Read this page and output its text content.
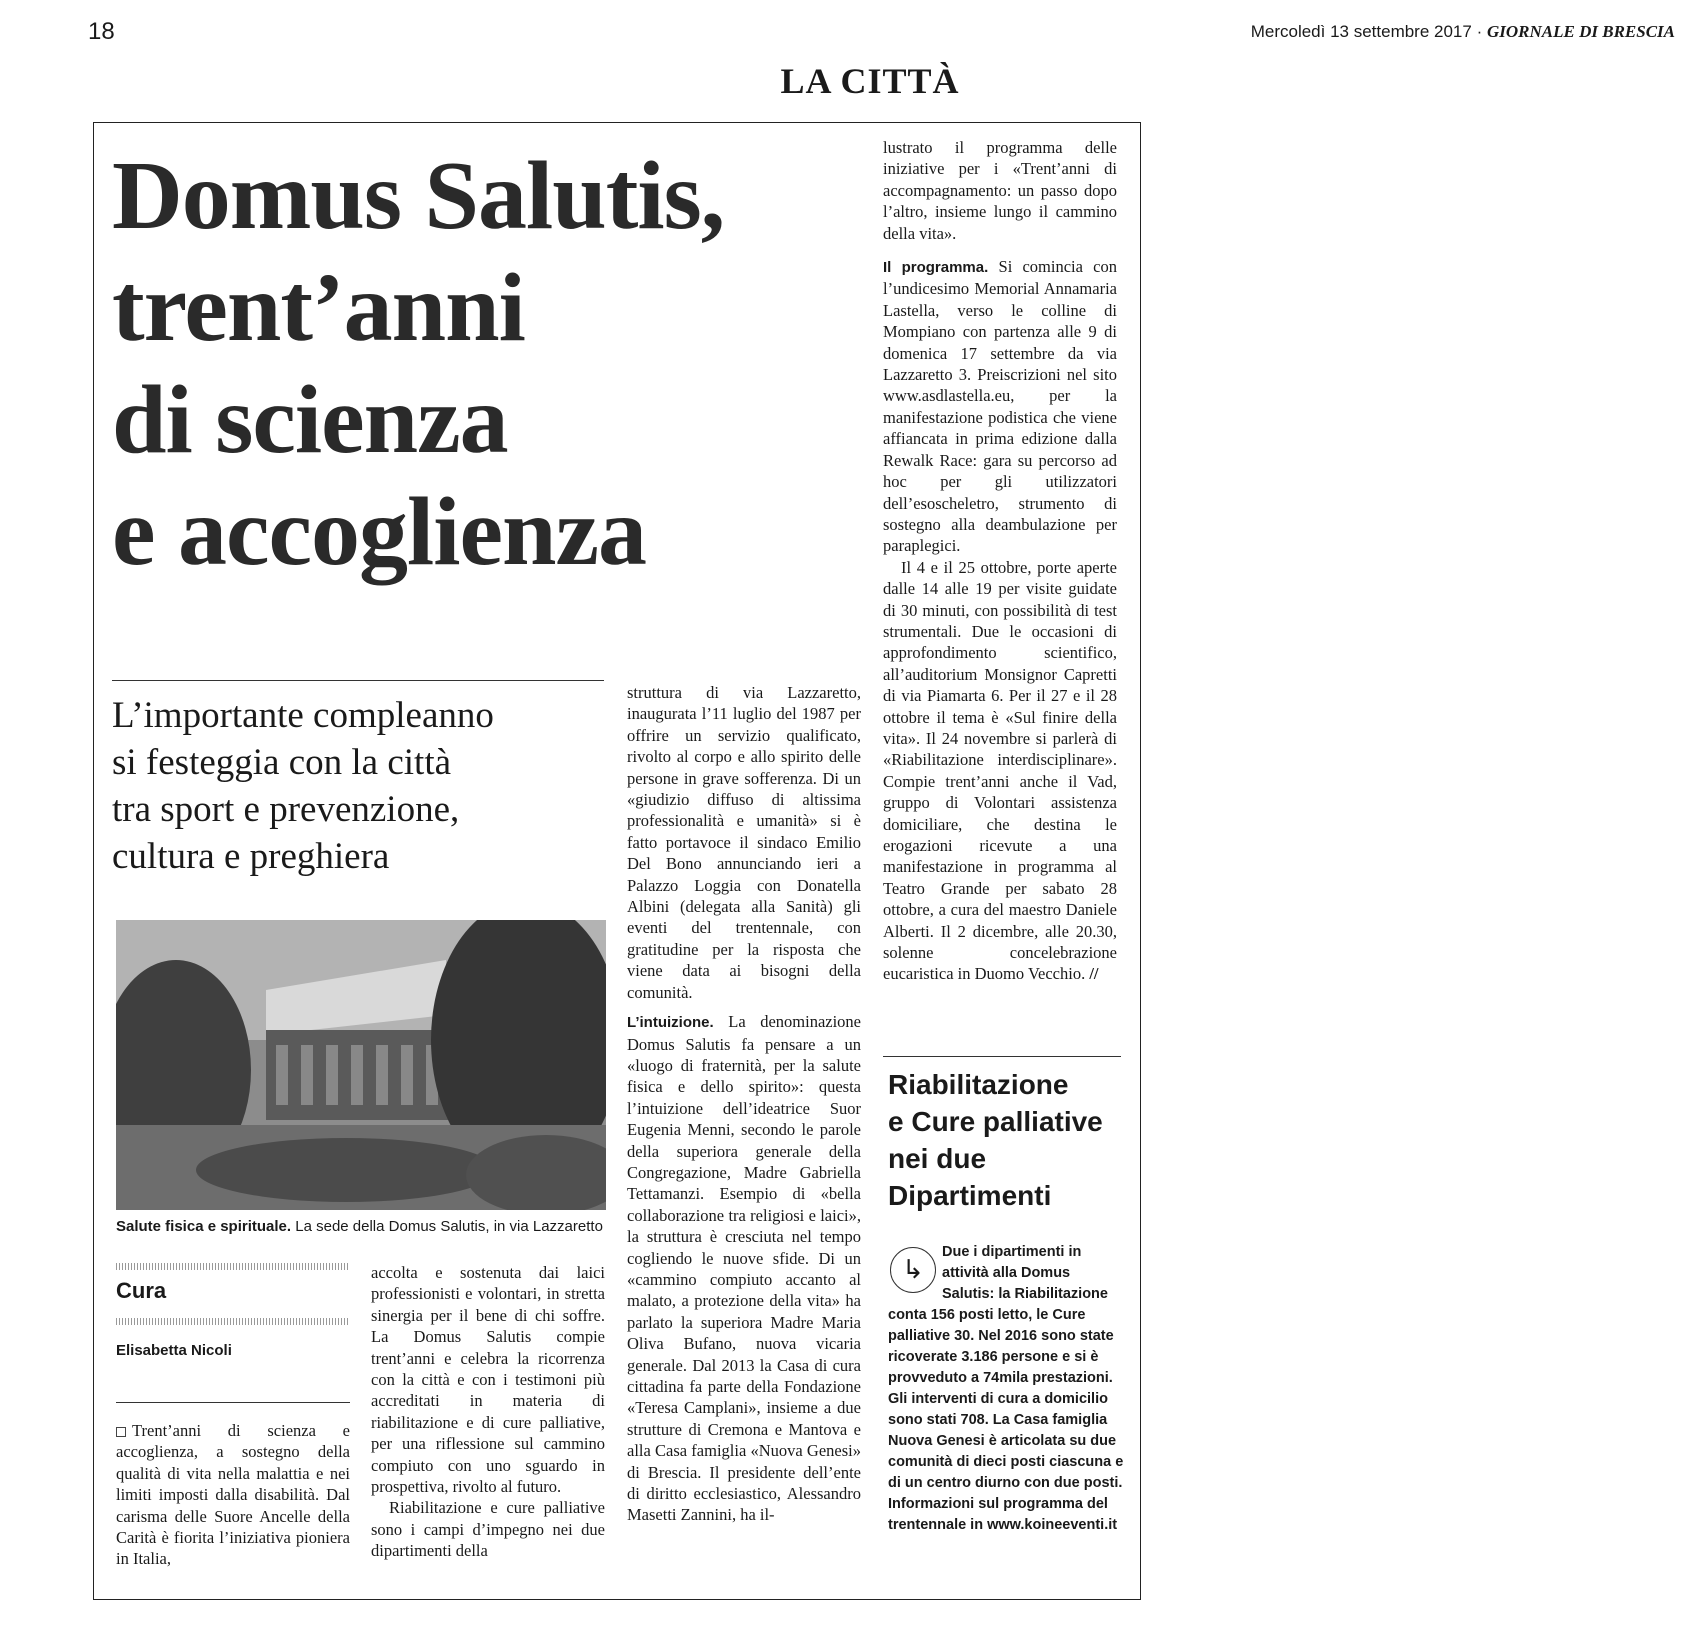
18	Mercoledì 13 settembre 2017 · GIORNALE DI BRESCIA
LA CITTÀ
Domus Salutis,
trent’anni
di scienza
e accoglienza
L’importante compleanno
si festeggia con la città
tra sport e prevenzione,
cultura e preghiera
Salute fisica e spirituale. La sede della Domus Salutis, in via Lazzaretto
Cura
Elisabetta Nicoli

Trent’anni di scienza e accoglienza, a sostegno della qualità di vita nella malattia e nei limiti imposti dalla disabilità. Dal carisma delle Suore Ancelle della Carità è fiorita l’iniziativa pioniera in Italia,

accolta e sostenuta dai laici professionisti e volontari, in stretta sinergia per il bene di chi soffre. La Domus Salutis compie trent’anni e celebra la ricorrenza con la città e con i testimoni più accreditati in materia di riabilitazione e di cure palliative, per una riflessione sul cammino compiuto con uno sguardo in prospettiva, rivolto al futuro.

Riabilitazione e cure palliative sono i campi d’impegno nei due dipartimenti della

struttura di via Lazzaretto, inaugurata l’11 luglio del 1987 per offrire un servizio qualificato, rivolto al corpo e allo spirito delle persone in grave sofferenza. Di un «giudizio diffuso di altissima professionalità e umanità» si è fatto portavoce il sindaco Emilio Del Bono annunciando ieri a Palazzo Loggia con Donatella Albini (delegata alla Sanità) gli eventi del trentennale, con gratitudine per la risposta che viene data ai bisogni della comunità.

L’intuizione. La denominazione Domus Salutis fa pensare a un «luogo di fraternità, per la salute fisica e dello spirito»: questa l’intuizione dell’ideatrice Suor Eugenia Menni, secondo le parole della superiora generale della Congregazione, Madre Gabriella Tettamanzi. Esempio di «bella collaborazione tra religiosi e laici», la struttura è cresciuta nel tempo cogliendo le nuove sfide. Di un «cammino compiuto accanto al malato, a protezione della vita» ha parlato la superiora Madre Maria Oliva Bufano, nuova vicaria generale. Dal 2013 la Casa di cura cittadina fa parte della Fondazione «Teresa Camplani», insieme a due strutture di Cremona e Mantova e alla Casa famiglia «Nuova Genesi» di Brescia. Il presidente dell’ente di diritto ecclesiastico, Alessandro Masetti Zannini, ha il-

lustrato il programma delle iniziative per i «Trent’anni di accompagnamento: un passo dopo l’altro, insieme lungo il cammino della vita».

Il programma. Si comincia con l’undicesimo Memorial Annamaria Lastella, verso le colline di Mompiano con partenza alle 9 di domenica 17 settembre da via Lazzaretto 3. Preiscrizioni nel sito www.asdlastella.eu, per la manifestazione podistica che viene affiancata in prima edizione dalla Rewalk Race: gara su percorso ad hoc per gli utilizzatori dell’esoscheletro, strumento di sostegno alla deambulazione per paraplegici.

Il 4 e il 25 ottobre, porte aperte dalle 14 alle 19 per visite guidate di 30 minuti, con possibilità di test strumentali. Due le occasioni di approfondimento scientifico, all’auditorium Monsignor Capretti di via Piamarta 6. Per il 27 e il 28 ottobre il tema è «Sul finire della vita». Il 24 novembre si parlerà di «Riabilitazione interdisciplinare». Compie trent’anni anche il Vad, gruppo di Volontari assistenza domiciliare, che destina le erogazioni ricevute a una manifestazione in programma al Teatro Grande per sabato 28 ottobre, a cura del maestro Daniele Alberti. Il 2 dicembre, alle 20.30, solenne concelebrazione eucaristica in Duomo Vecchio. //

Riabilitazione
e Cure palliative
nei due
Dipartimenti
↳
Due i dipartimenti in attività alla Domus Salutis: la Riabilitazione conta 156 posti letto, le Cure palliative 30. Nel 2016 sono state ricoverate 3.186 persone e si è provveduto a 74mila prestazioni. Gli interventi di cura a domicilio sono stati 708. La Casa famiglia Nuova Genesi è articolata su due comunità di dieci posti ciascuna e di un centro diurno con due posti. Informazioni sul programma del trentennale in www.koineeventi.it
